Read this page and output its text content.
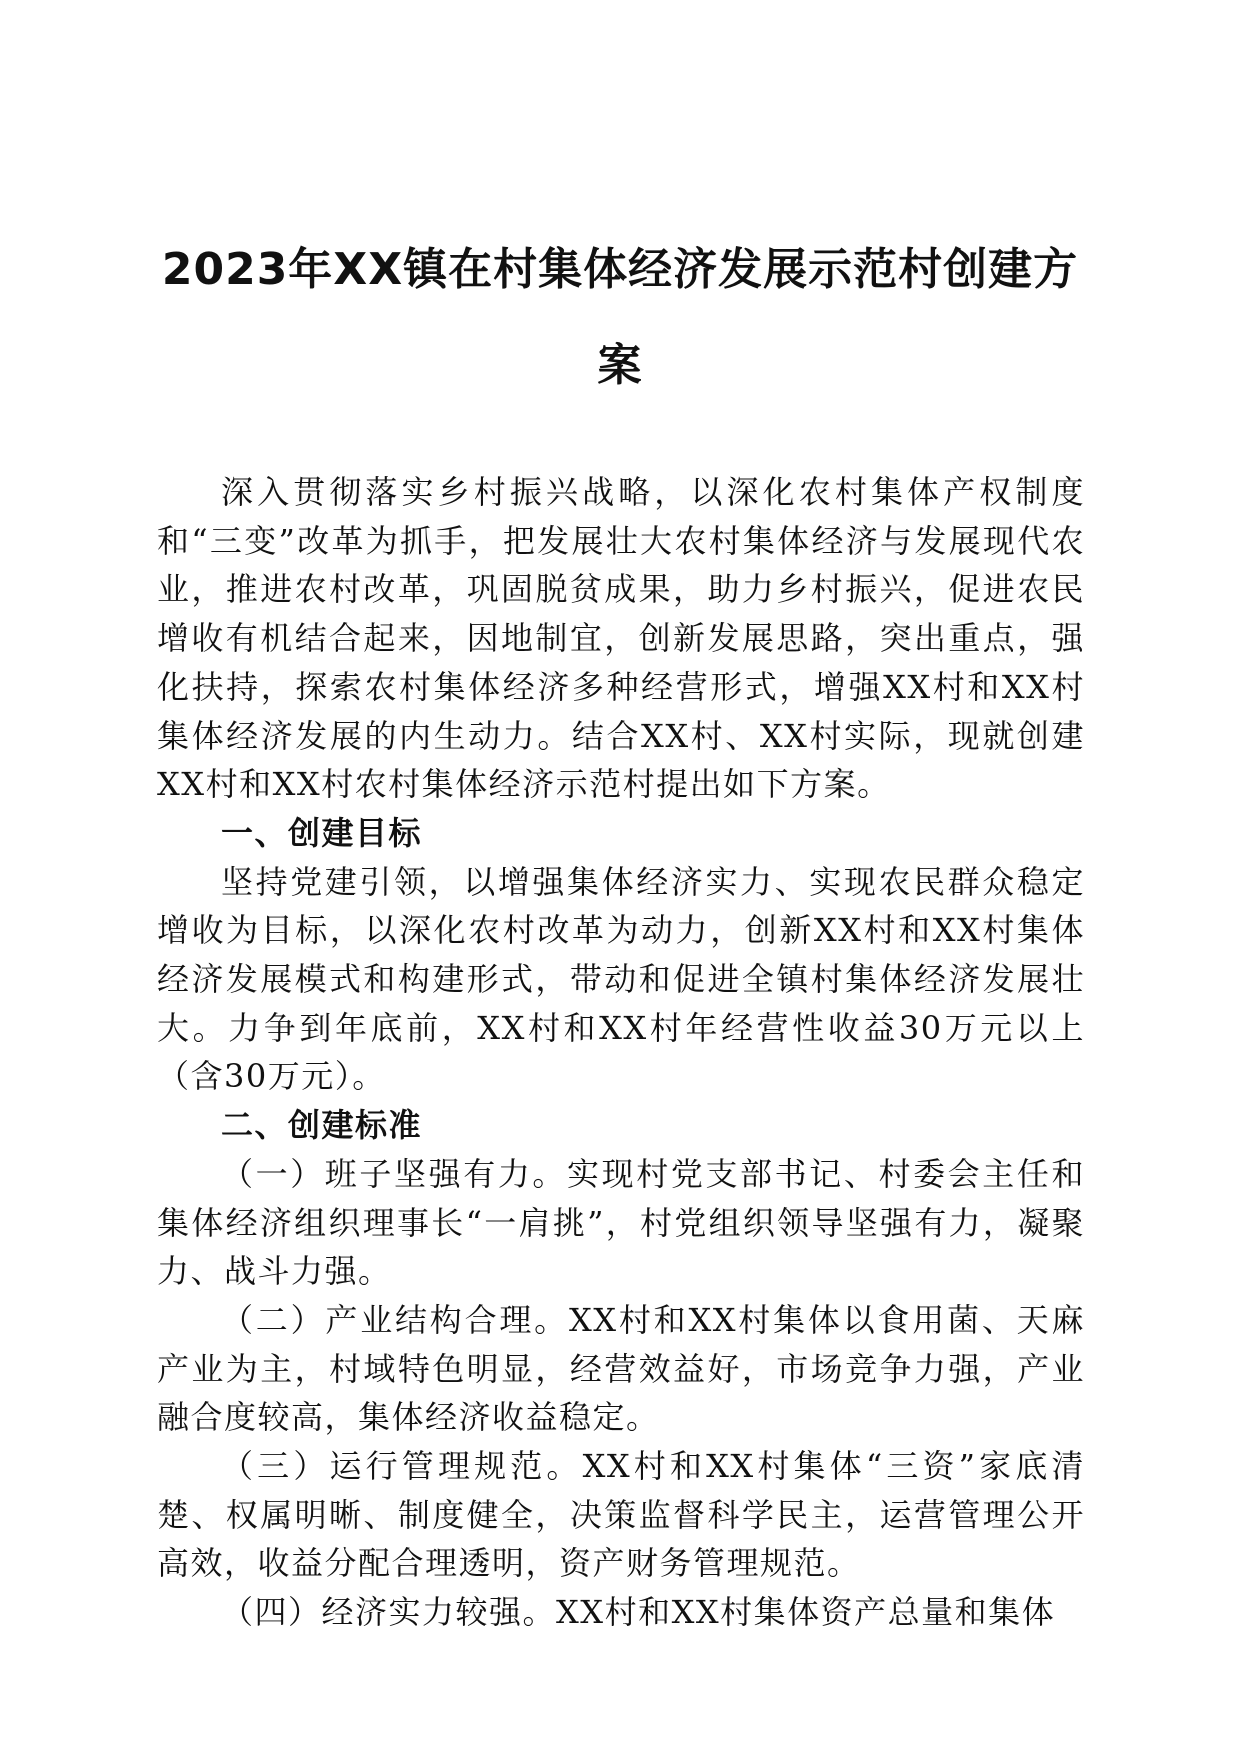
2023年XX镇在村集体经济发展示范村创建方案

深入贯彻落实乡村振兴战略，以深化农村集体产权制度和“三变”改革为抓手，把发展壮大农村集体经济与发展现代农业，推进农村改革，巩固脱贫成果，助力乡村振兴，促进农民增收有机结合起来，因地制宜，创新发展思路，突出重点，强化扶持，探索农村集体经济多种经营形式，增强XX村和XX村集体经济发展的内生动力。结合XX村、XX村实际，现就创建XX村和XX村农村集体经济示范村提出如下方案。

一、创建目标

坚持党建引领，以增强集体经济实力、实现农民群众稳定增收为目标，以深化农村改革为动力，创新XX村和XX村集体经济发展模式和构建形式，带动和促进全镇村集体经济发展壮大。力争到年底前，XX村和XX村年经营性收益30万元以上（含30万元）。

二、创建标准

（一）班子坚强有力。实现村党支部书记、村委会主任和集体经济组织理事长“一肩挑”，村党组织领导坚强有力，凝聚力、战斗力强。

（二）产业结构合理。XX村和XX村集体以食用菌、天麻产业为主，村域特色明显，经营效益好，市场竞争力强，产业融合度较高，集体经济收益稳定。

（三）运行管理规范。XX村和XX村集体“三资”家底清楚、权属明晰、制度健全，决策监督科学民主，运营管理公开高效，收益分配合理透明，资产财务管理规范。

（四）经济实力较强。XX村和XX村集体资产总量和集体
